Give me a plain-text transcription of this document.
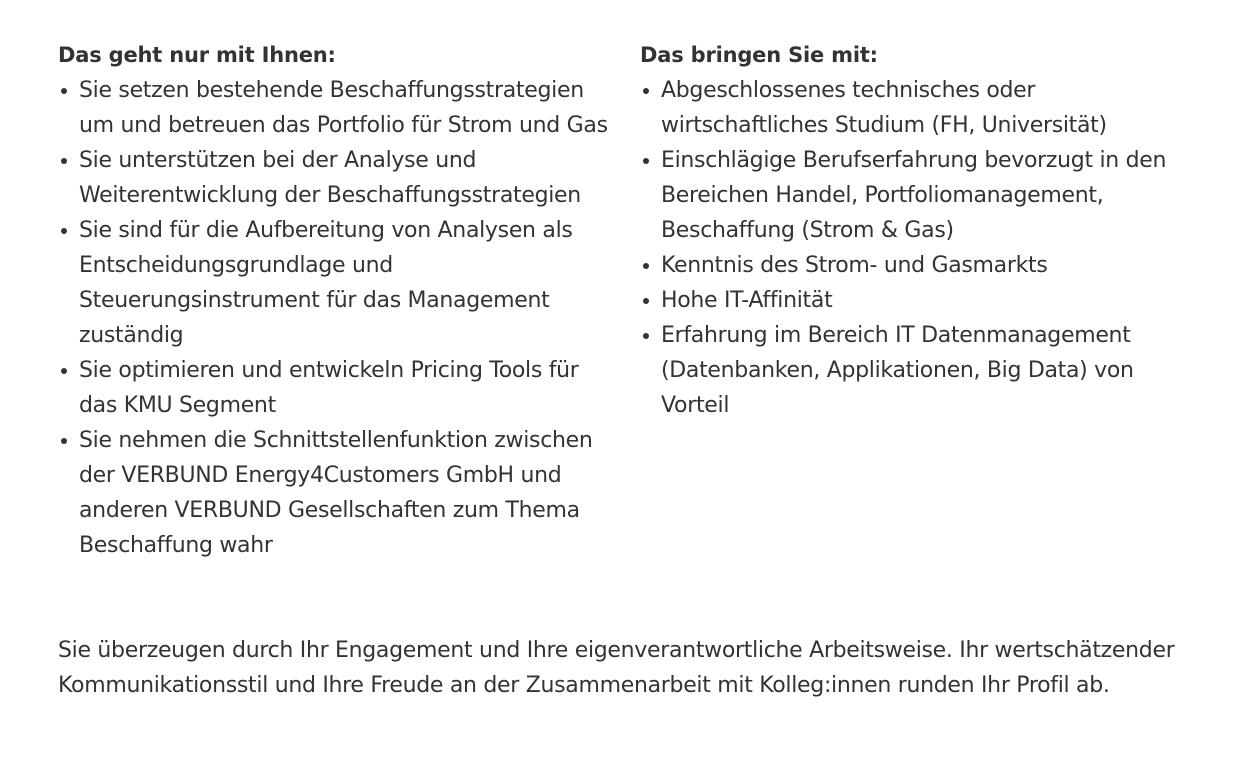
Das geht nur mit Ihnen:

Sie setzen bestehende Beschaffungsstrategien um und betreuen das Portfolio für Strom und Gas
Sie unterstützen bei der Analyse und Weiterentwicklung der Beschaffungsstrategien
Sie sind für die Aufbereitung von Analysen als Entscheidungsgrundlage und Steuerungsinstrument für das Management zuständig
Sie optimieren und entwickeln Pricing Tools für das KMU Segment
Sie nehmen die Schnittstellenfunktion zwischen der VERBUND Energy4Customers GmbH und anderen VERBUND Gesellschaften zum Thema Beschaffung wahr

Das bringen Sie mit:

Abgeschlossenes technisches oder wirtschaftliches Studium (FH, Universität)
Einschlägige Berufserfahrung bevorzugt in den Bereichen Handel, Portfoliomanagement, Beschaffung (Strom & Gas)
Kenntnis des Strom- und Gasmarkts
Hohe IT-Affinität
Erfahrung im Bereich IT Datenmanagement (Datenbanken, Applikationen, Big Data) von Vorteil

Sie überzeugen durch Ihr Engagement und Ihre eigenverantwortliche Arbeitsweise. Ihr wertschätzender Kommunikationsstil und Ihre Freude an der Zusammenarbeit mit Kolleg:innen runden Ihr Profil ab.
